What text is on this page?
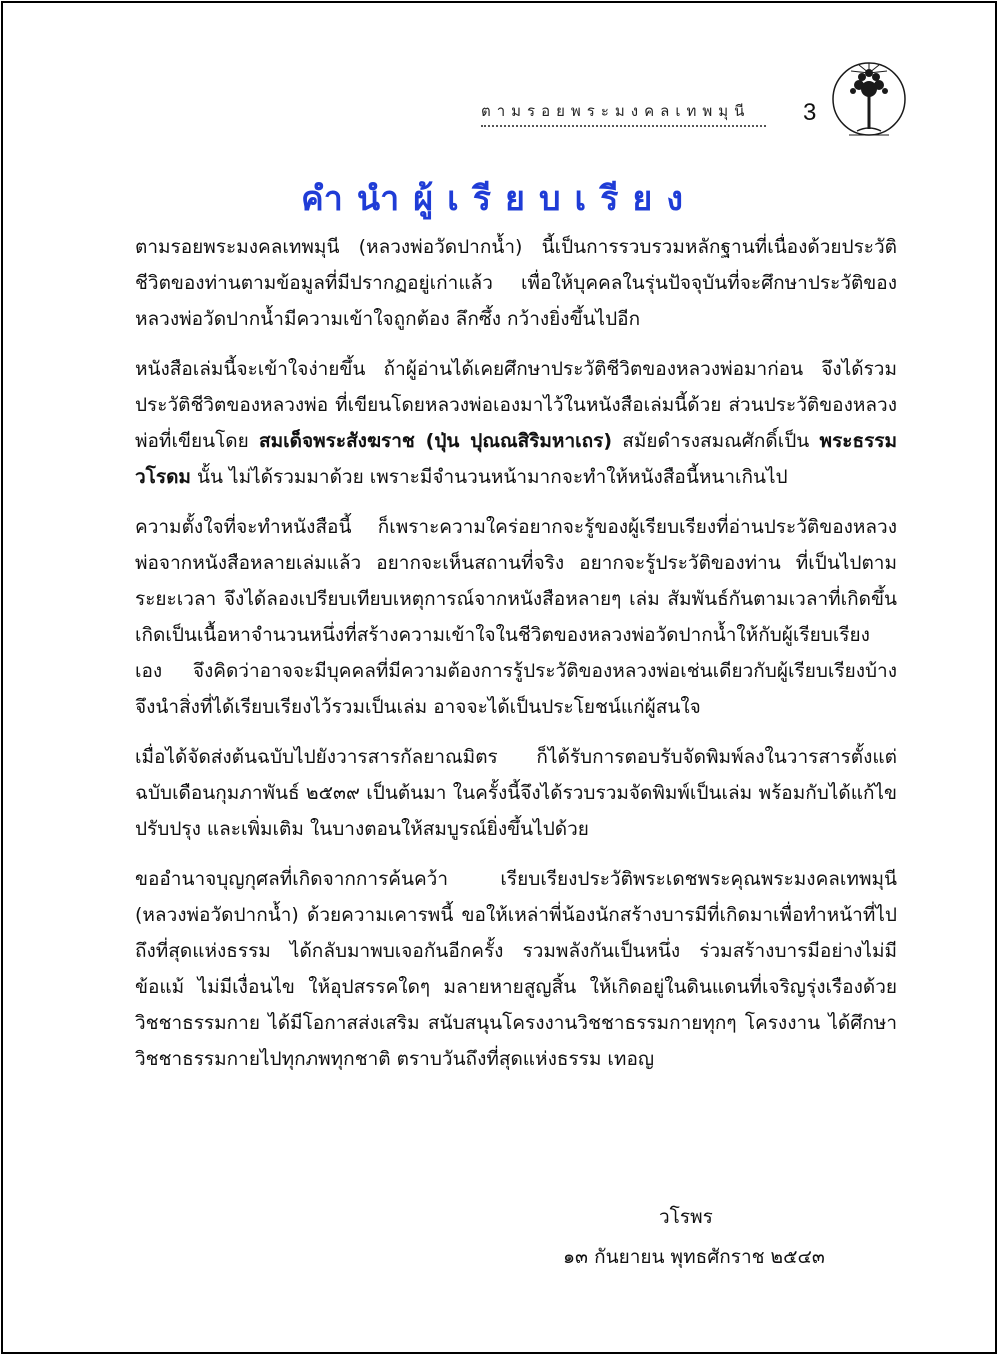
ตามรอยพระมงคลเทพมุนี 3
คำนำผู้เรียบเรียง

ตามรอยพระมงคลเทพมุนี (หลวงพ่อวัดปากน้ำ) นี้เป็นการรวบรวมหลักฐานที่เนื่องด้วยประวัติชีวิตของท่านตามข้อมูลที่มีปรากฏอยู่เก่าแล้ว เพื่อให้บุคคลในรุ่นปัจจุบันที่จะศึกษาประวัติของหลวงพ่อวัดปากน้ำมีความเข้าใจถูกต้อง ลึกซึ้ง กว้างยิ่งขึ้นไปอีก

หนังสือเล่มนี้จะเข้าใจง่ายขึ้น ถ้าผู้อ่านได้เคยศึกษาประวัติชีวิตของหลวงพ่อมาก่อน จึงได้รวมประวัติชีวิตของหลวงพ่อ ที่เขียนโดยหลวงพ่อเองมาไว้ในหนังสือเล่มนี้ด้วย ส่วนประวัติของหลวงพ่อที่เขียนโดย สมเด็จพระสังฆราช (ปุ่น ปุณณสิริมหาเถร) สมัยดำรงสมณศักดิ์เป็น พระธรรมวโรดม นั้น ไม่ได้รวมมาด้วย เพราะมีจำนวนหน้ามากจะทำให้หนังสือนี้หนาเกินไป

ความตั้งใจที่จะทำหนังสือนี้ ก็เพราะความใคร่อยากจะรู้ของผู้เรียบเรียงที่อ่านประวัติของหลวงพ่อจากหนังสือหลายเล่มแล้ว อยากจะเห็นสถานที่จริง อยากจะรู้ประวัติของท่าน ที่เป็นไปตามระยะเวลา จึงได้ลองเปรียบเทียบเหตุการณ์จากหนังสือหลายๆ เล่ม สัมพันธ์กันตามเวลาที่เกิดขึ้น เกิดเป็นเนื้อหาจำนวนหนึ่งที่สร้างความเข้าใจในชีวิตของหลวงพ่อวัดปากน้ำให้กับผู้เรียบเรียงเอง จึงคิดว่าอาจจะมีบุคคลที่มีความต้องการรู้ประวัติของหลวงพ่อเช่นเดียวกับผู้เรียบเรียงบ้าง จึงนำสิ่งที่ได้เรียบเรียงไว้รวมเป็นเล่ม อาจจะได้เป็นประโยชน์แก่ผู้สนใจ

เมื่อได้จัดส่งต้นฉบับไปยังวารสารกัลยาณมิตร ก็ได้รับการตอบรับจัดพิมพ์ลงในวารสารตั้งแต่ฉบับเดือนกุมภาพันธ์ ๒๕๓๙ เป็นต้นมา ในครั้งนี้จึงได้รวบรวมจัดพิมพ์เป็นเล่ม พร้อมกับได้แก้ไข ปรับปรุง และเพิ่มเติม ในบางตอนให้สมบูรณ์ยิ่งขึ้นไปด้วย

ขออำนาจบุญกุศลที่เกิดจากการค้นคว้า เรียบเรียงประวัติพระเดชพระคุณพระมงคลเทพมุนี (หลวงพ่อวัดปากน้ำ) ด้วยความเคารพนี้ ขอให้เหล่าพี่น้องนักสร้างบารมีที่เกิดมาเพื่อทำหน้าที่ไปถึงที่สุดแห่งธรรม ได้กลับมาพบเจอกันอีกครั้ง รวมพลังกันเป็นหนึ่ง ร่วมสร้างบารมีอย่างไม่มีข้อแม้ ไม่มีเงื่อนไข ให้อุปสรรคใดๆ มลายหายสูญสิ้น ให้เกิดอยู่ในดินแดนที่เจริญรุ่งเรืองด้วยวิชชาธรรมกาย ได้มีโอกาสส่งเสริม สนับสนุนโครงงานวิชชาธรรมกายทุกๆ โครงงาน ได้ศึกษาวิชชาธรรมกายไปทุกภพทุกชาติ ตราบวันถึงที่สุดแห่งธรรม เทอญ

วโรพร
๑๓ กันยายน พุทธศักราช ๒๕๔๓
